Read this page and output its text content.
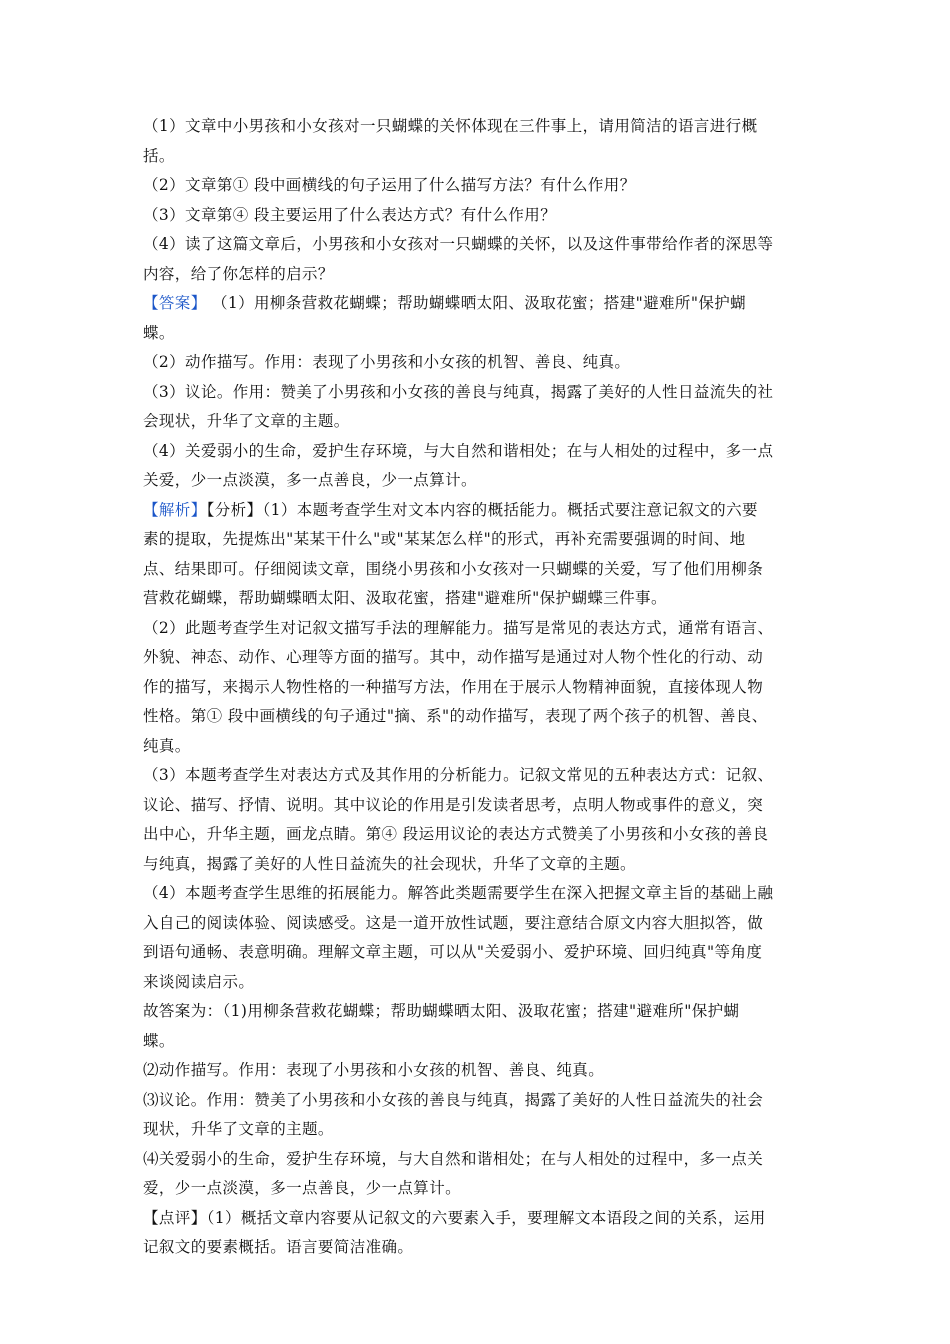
（1）文章中小男孩和小女孩对一只蝴蝶的关怀体现在三件事上，请用简洁的语言进行概
括。
（2）文章第① 段中画横线的句子运用了什么描写方法？有什么作用？
（3）文章第④ 段主要运用了什么表达方式？有什么作用？
（4）读了这篇文章后，小男孩和小女孩对一只蝴蝶的关怀，以及这件事带给作者的深思等
内容，给了你怎样的启示？
【答案】 （1）用柳条营救花蝴蝶；帮助蝴蝶晒太阳、汲取花蜜；搭建"避难所"保护蝴
蝶。
（2）动作描写。作用：表现了小男孩和小女孩的机智、善良、纯真。
（3）议论。作用：赞美了小男孩和小女孩的善良与纯真，揭露了美好的人性日益流失的社
会现状，升华了文章的主题。
（4）关爱弱小的生命，爱护生存环境，与大自然和谐相处；在与人相处的过程中，多一点
关爱，少一点淡漠，多一点善良，少一点算计。
【解析】【分析】（1）本题考查学生对文本内容的概括能力。概括式要注意记叙文的六要
素的提取，先提炼出"某某干什么"或"某某怎么样"的形式，再补充需要强调的时间、地
点、结果即可。仔细阅读文章，围绕小男孩和小女孩对一只蝴蝶的关爱，写了他们用柳条
营救花蝴蝶，帮助蝴蝶晒太阳、汲取花蜜，搭建"避难所"保护蝴蝶三件事。
（2）此题考查学生对记叙文描写手法的理解能力。描写是常见的表达方式，通常有语言、
外貌、神态、动作、心理等方面的描写。其中，动作描写是通过对人物个性化的行动、动
作的描写，来揭示人物性格的一种描写方法，作用在于展示人物精神面貌，直接体现人物
性格。第① 段中画横线的句子通过"摘、系"的动作描写，表现了两个孩子的机智、善良、
纯真。
（3）本题考查学生对表达方式及其作用的分析能力。记叙文常见的五种表达方式：记叙、
议论、描写、抒情、说明。其中议论的作用是引发读者思考，点明人物或事件的意义，突
出中心，升华主题，画龙点睛。第④ 段运用议论的表达方式赞美了小男孩和小女孩的善良
与纯真，揭露了美好的人性日益流失的社会现状，升华了文章的主题。
（4）本题考查学生思维的拓展能力。解答此类题需要学生在深入把握文章主旨的基础上融
入自己的阅读体验、阅读感受。这是一道开放性试题，要注意结合原文内容大胆拟答，做
到语句通畅、表意明确。理解文章主题，可以从"关爱弱小、爱护环境、回归纯真"等角度
来谈阅读启示。
故答案为：（1)用柳条营救花蝴蝶；帮助蝴蝶晒太阳、汲取花蜜；搭建"避难所"保护蝴
蝶。
⑵动作描写。作用：表现了小男孩和小女孩的机智、善良、纯真。
⑶议论。作用：赞美了小男孩和小女孩的善良与纯真，揭露了美好的人性日益流失的社会
现状，升华了文章的主题。
⑷关爱弱小的生命，爱护生存环境，与大自然和谐相处；在与人相处的过程中，多一点关
爱，少一点淡漠，多一点善良，少一点算计。
【点评】（1）概括文章内容要从记叙文的六要素入手，要理解文本语段之间的关系，运用
记叙文的要素概括。语言要简洁准确。
